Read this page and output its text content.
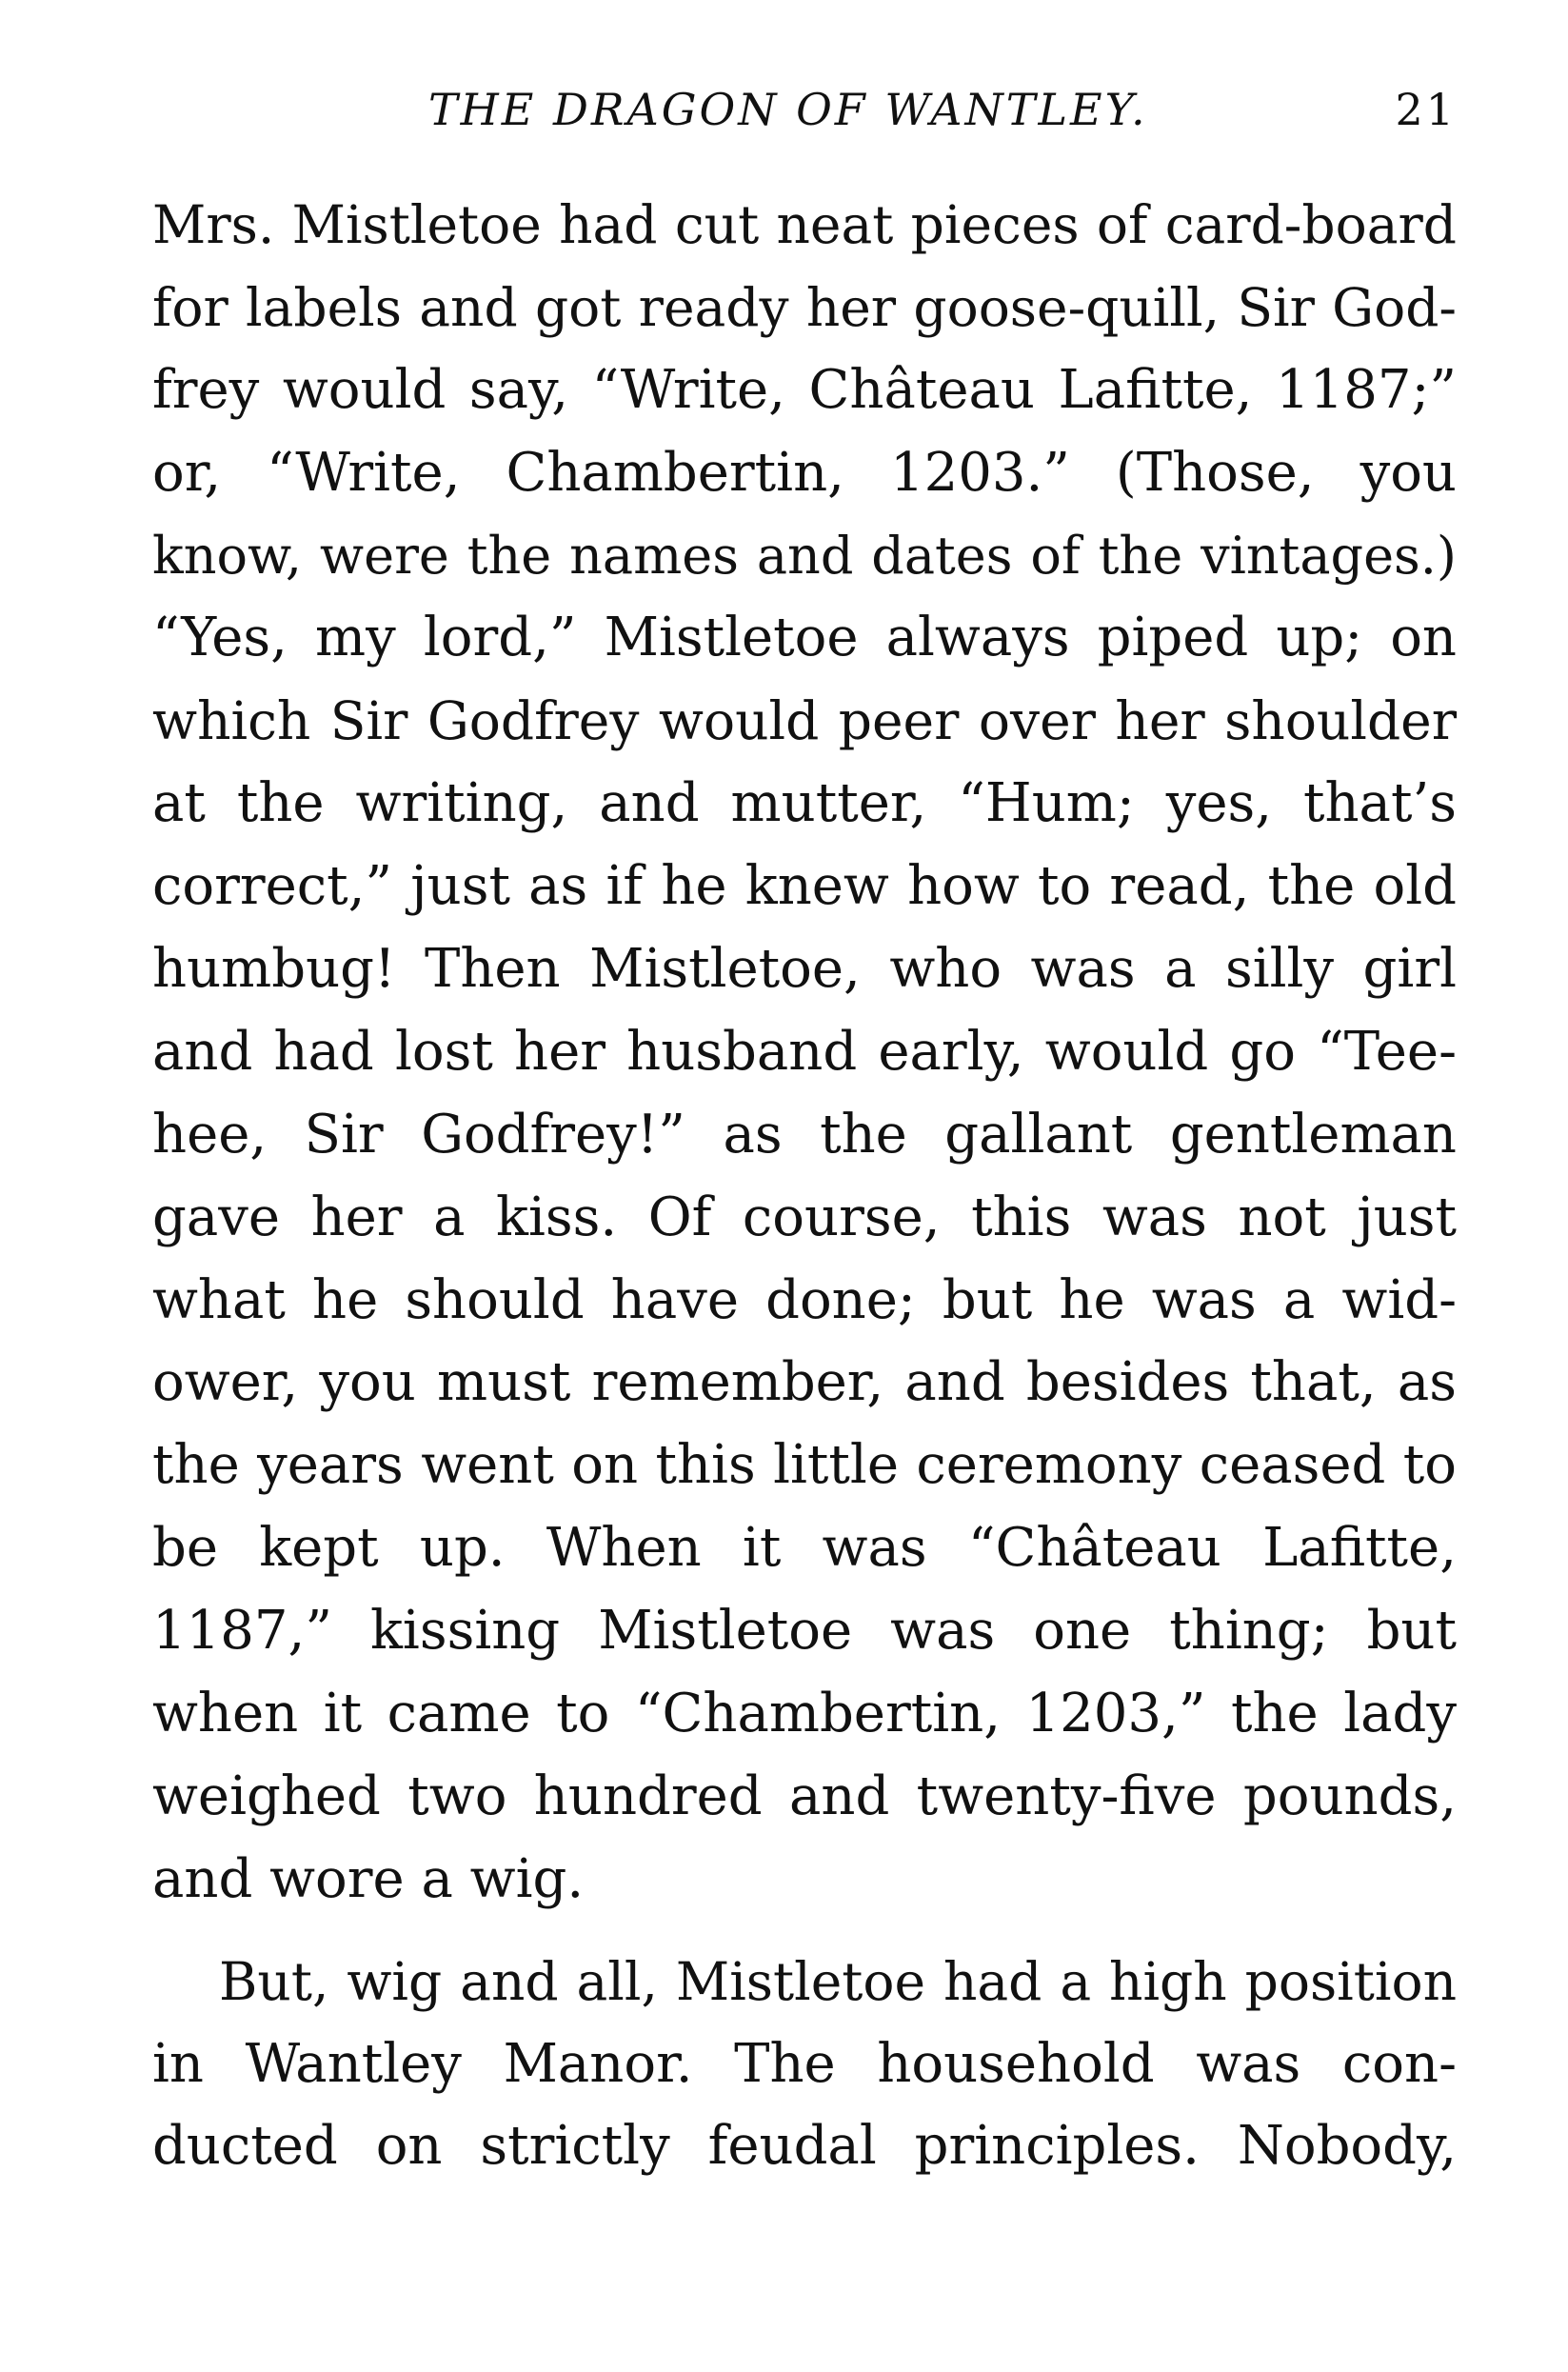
THE DRAGON OF WANTLEY.	21
Mrs. Mistletoe had cut neat pieces of card-board
for labels and got ready her goose-quill, Sir God-
frey would say, “Write, Château Lafitte, 1187;”
or, “Write, Chambertin, 1203.” (Those, you
know, were the names and dates of the vintages.)
“Yes, my lord,” Mistletoe always piped up; on
which Sir Godfrey would peer over her shoulder
at the writing, and mutter, “Hum; yes, that’s
correct,” just as if he knew how to read, the old
humbug! Then Mistletoe, who was a silly girl
and had lost her husband early, would go “Tee-
hee, Sir Godfrey!” as the gallant gentleman
gave her a kiss. Of course, this was not just
what he should have done; but he was a wid-
ower, you must remember, and besides that, as
the years went on this little ceremony ceased to
be kept up. When it was “Château Lafitte,
1187,” kissing Mistletoe was one thing; but
when it came to “Chambertin, 1203,” the lady
weighed two hundred and twenty-five pounds,
and wore a wig.
But, wig and all, Mistletoe had a high position
in Wantley Manor. The household was con-
ducted on strictly feudal principles. Nobody,
